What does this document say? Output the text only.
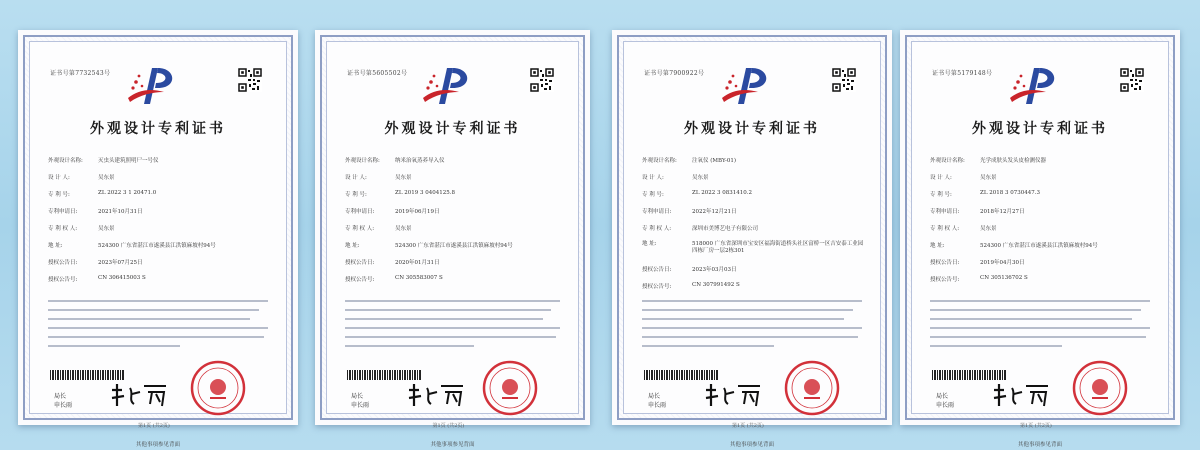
证书号第7732543号
外观设计专利证书
外观设计名称:	灭虫头建筑照明尸一号仪
设 计 人:	吴东景
专 利 号:	ZL 2022 3 1 20471.0
专利申请日:	2021年10月31日
专 利 权 人:	吴东景
地 址:	524300 广东省湛江市遂溪县江洪镇麻坡村94号
授权公告日:	2023年07月25日
授权公告号:	CN 306415003 S
局长
申长雨
第1页 (共2页)
其他事项参见背面
证书号第5605502号
外观设计专利证书
外观设计名称:	纳米治氧蒸养导入仪
设 计 人:	吴东景
专 利 号:	ZL 2019 3 0404125.8
专利申请日:	2019年06月19日
专 利 权 人:	吴东景
地 址:	524300 广东省湛江市遂溪县江洪镇麻坡村94号
授权公告日:	2020年01月31日
授权公告号:	CN 305583007 S
局长
申长雨
第1页 (共2页)
其他事项参见背面
证书号第7900922号
外观设计专利证书
外观设计名称:	注氧仪 (MBY-01)
设 计 人:	吴东景
专 利 号:	ZL 2022 3 0831410.2
专利申请日:	2022年12月21日
专 利 权 人:	深圳市美博艺电子有限公司
地 址:	518000 广东省深圳市宝安区福海街道桥头社区富桥一区吉安泰工业园四栋厂房一层2栋301
授权公告日:	2023年03月03日
授权公告号:	CN 307991492 S
局长
申长雨
第1页 (共2页)
其他事项参见背面
证书号第5179148号
外观设计专利证书
外观设计名称:	光学成肤头发头皮检测仪器
设 计 人:	吴东景
专 利 号:	ZL 2018 3 0730447.3
专利申请日:	2018年12月27日
专 利 权 人:	吴东景
地 址:	524300 广东省湛江市遂溪县江洪镇麻坡村94号
授权公告日:	2019年04月30日
授权公告号:	CN 305136702 S
局长
申长雨
第1页 (共2页)
其他事项参见背面
